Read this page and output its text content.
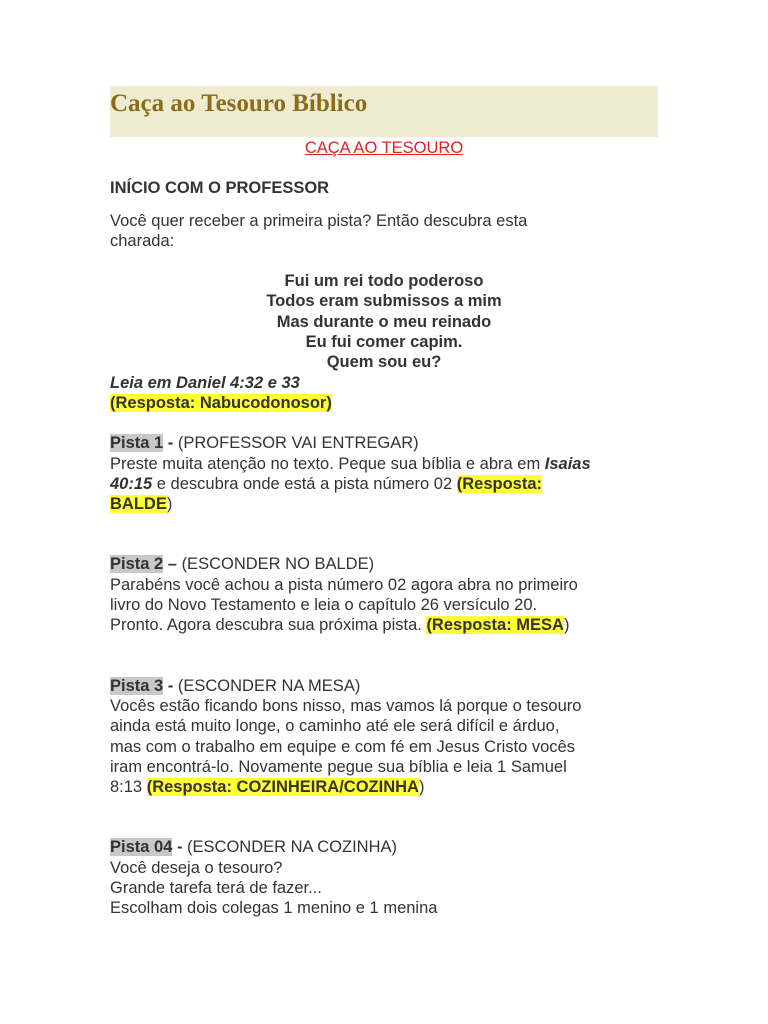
Caça ao Tesouro Bíblico
CAÇA AO TESOURO
INÍCIO COM O PROFESSOR
Você quer receber a primeira pista? Então descubra esta
charada:
Fui um rei todo poderoso
Todos eram submissos a mim
Mas durante o meu reinado
Eu fui comer capim.
Quem sou eu?
Leia em Daniel 4:32 e 33
(Resposta: Nabucodonosor)
Pista 1 - (PROFESSOR VAI ENTREGAR)
Preste muita atenção no texto. Peque sua bíblia e abra em Isaias
40:15 e descubra onde está a pista número 02 (Resposta:
BALDE)
Pista 2 – (ESCONDER NO BALDE)
Parabéns você achou a pista número 02 agora abra no primeiro
livro do Novo Testamento e leia o capítulo 26 versículo 20.
Pronto. Agora descubra sua próxima pista. (Resposta: MESA)
Pista 3 - (ESCONDER NA MESA)
Vocês estão ficando bons nisso, mas vamos lá porque o tesouro
ainda está muito longe, o caminho até ele será difícil e árduo,
mas com o trabalho em equipe e com fé em Jesus Cristo vocês
iram encontrá-lo. Novamente pegue sua bíblia e leia 1 Samuel
8:13 (Resposta: COZINHEIRA/COZINHA)
Pista 04 - (ESCONDER NA COZINHA)
Você deseja o tesouro?
Grande tarefa terá de fazer...
Escolham dois colegas 1 menino e 1 menina
